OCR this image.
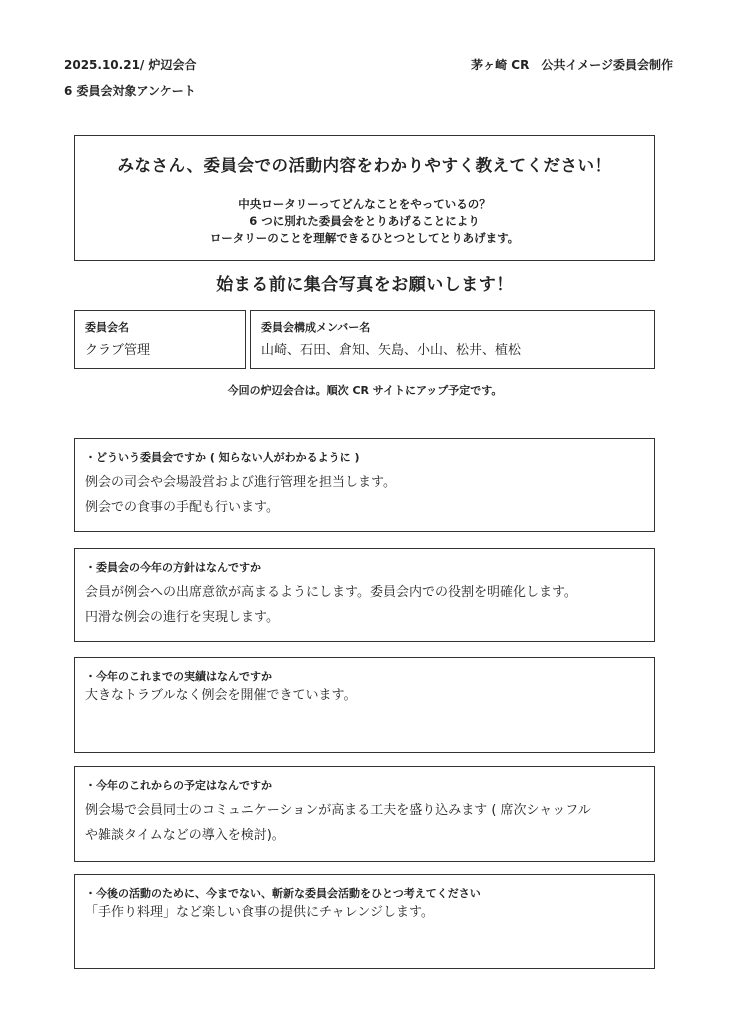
2025.10.21/ 炉辺会合
6 委員会対象アンケート
茅ヶ崎 CR　公共イメージ委員会制作
みなさん、委員会での活動内容をわかりやすく教えてください！
中央ロータリーってどんなことをやっているの？
6 つに別れた委員会をとりあげることにより
ロータリーのことを理解できるひとつとしてとりあげます。
始まる前に集合写真をお願いします！
委員会名
クラブ管理
委員会構成メンバー名
山崎、石田、倉知、矢島、小山、松井、植松
今回の炉辺会合は。順次 CR サイトにアップ予定です。
・どういう委員会ですか ( 知らない人がわかるように )
例会の司会や会場設営および進行管理を担当します。
例会での食事の手配も行います。
・委員会の今年の方針はなんですか
会員が例会への出席意欲が高まるようにします。委員会内での役割を明確化します。
円滑な例会の進行を実現します。
・今年のこれまでの実績はなんですか
大きなトラブルなく例会を開催できています。
・今年のこれからの予定はなんですか
例会場で会員同士のコミュニケーションが高まる工夫を盛り込みます ( 席次シャッフル
や雑談タイムなどの導入を検討)。
・今後の活動のために、今までない、斬新な委員会活動をひとつ考えてください
「手作り料理」など楽しい食事の提供にチャレンジします。
